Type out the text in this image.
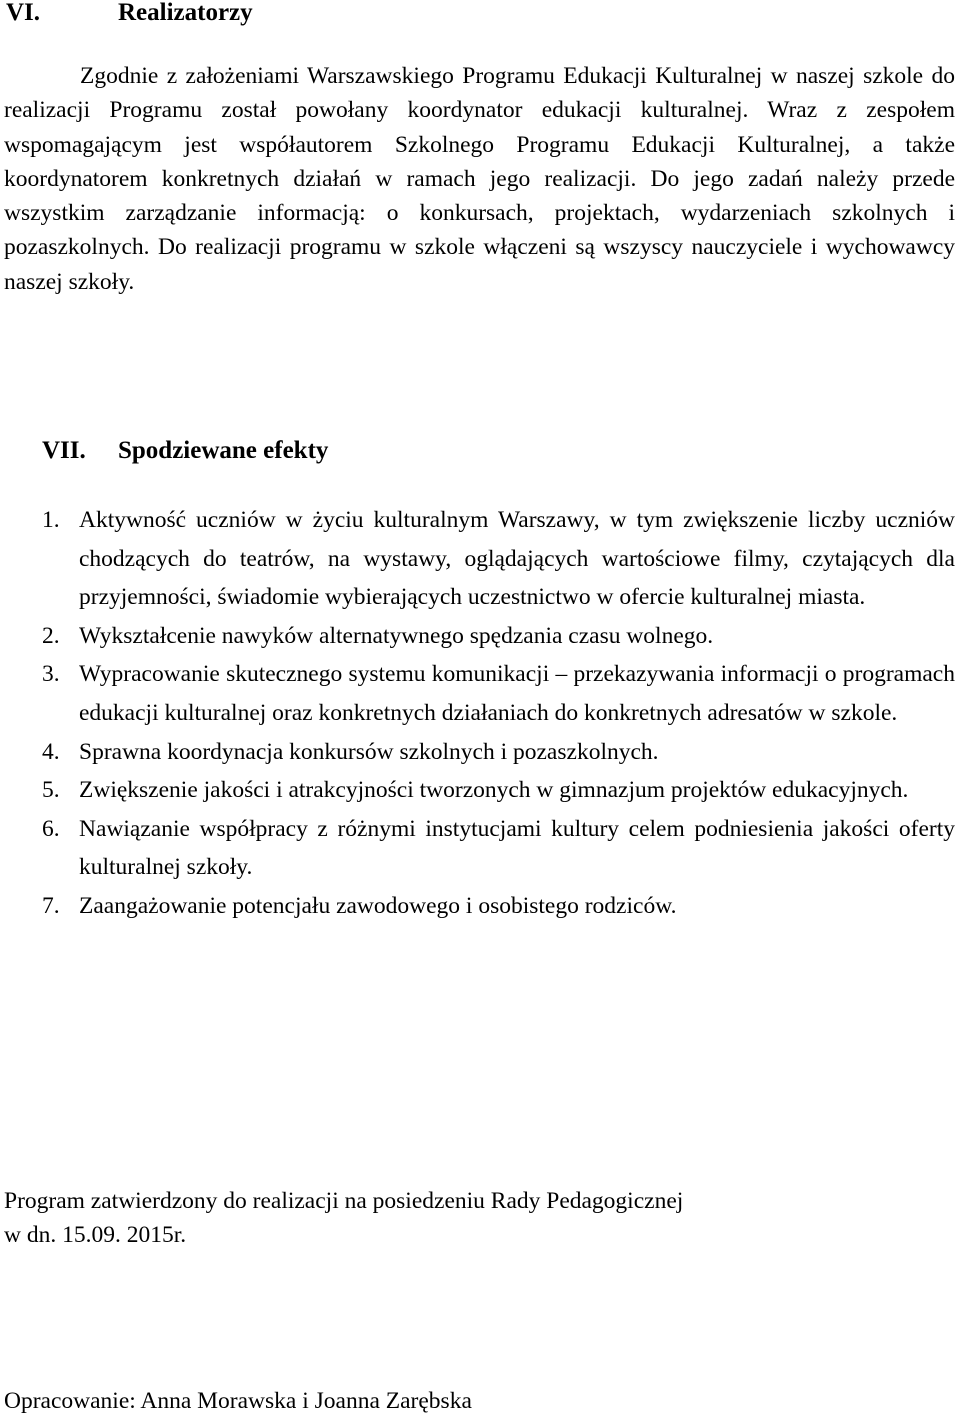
VI.	Realizatorzy

Zgodnie z założeniami Warszawskiego Programu Edukacji Kulturalnej w naszej szkole do realizacji Programu został powołany koordynator edukacji kulturalnej. Wraz z zespołem wspomagającym jest współautorem Szkolnego Programu Edukacji Kulturalnej, a także koordynatorem konkretnych działań w ramach jego realizacji. Do jego zadań należy przede wszystkim zarządzanie informacją: o konkursach, projektach, wydarzeniach szkolnych i pozaszkolnych. Do realizacji programu w szkole włączeni są wszyscy nauczyciele i wychowawcy naszej szkoły.

VII. Spodziewane efekty
1. Aktywność uczniów w życiu kulturalnym Warszawy, w tym zwiększenie liczby uczniów chodzących do teatrów, na wystawy, oglądających wartościowe filmy, czytających dla przyjemności, świadomie wybierających uczestnictwo w ofercie kulturalnej miasta.
2. Wykształcenie nawyków alternatywnego spędzania czasu wolnego.
3. Wypracowanie skutecznego systemu komunikacji – przekazywania informacji o programach edukacji kulturalnej oraz konkretnych działaniach do konkretnych adresatów w szkole.
4. Sprawna koordynacja konkursów szkolnych i pozaszkolnych.
5. Zwiększenie jakości i atrakcyjności tworzonych w gimnazjum projektów edukacyjnych.
6. Nawiązanie współpracy z różnymi instytucjami kultury celem podniesienia jakości oferty kulturalnej szkoły.
7. Zaangażowanie potencjału zawodowego i osobistego rodziców.
Program zatwierdzony do realizacji na posiedzeniu Rady Pedagogicznej
w dn. 15.09. 2015r.
Opracowanie: Anna Morawska i Joanna Zarębska
